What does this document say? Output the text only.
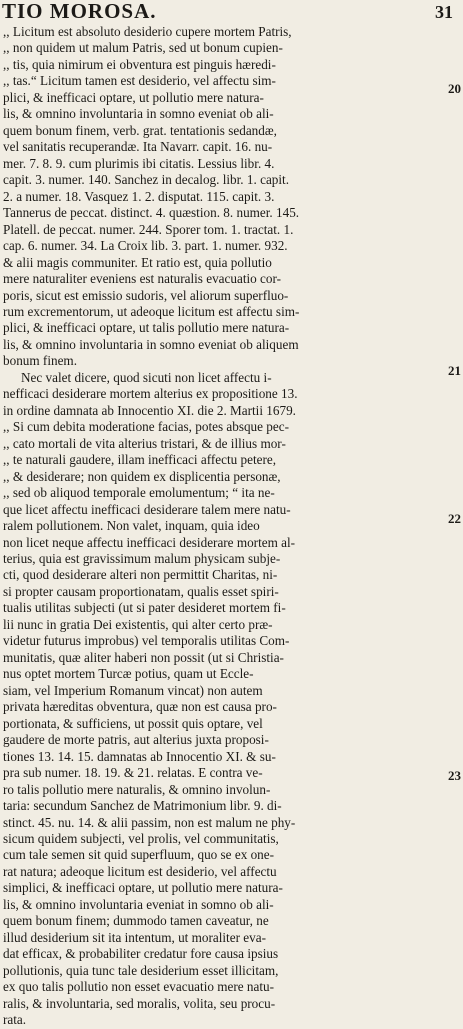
TIO MOROSA.	31
,, Licitum est absoluto desiderio cupere mortem Patris,
,, non quidem ut malum Patris, sed ut bonum cupien-
,, tis, quia nimirum ei obventura est pinguis hæredi-
,, tas.“ Licitum tamen est desiderio, vel affectu sim-
plici, & inefficaci optare, ut pollutio mere natura-
lis, & omnino involuntaria in somno eveniat ob ali-
quem bonum finem, verb. grat. tentationis sedandæ,
vel sanitatis recuperandæ. Ita Navarr. capit. 16. nu-
mer. 7. 8. 9. cum plurimis ibi citatis. Lessius libr. 4.
capit. 3. numer. 140. Sanchez in decalog. libr. 1. capit.
2. a numer. 18. Vasquez 1. 2. disputat. 115. capit. 3.
Tannerus de peccat. distinct. 4. quæstion. 8. numer. 145.
Platell. de peccat. numer. 244. Sporer tom. 1. tractat. 1.
cap. 6. numer. 34. La Croix lib. 3. part. 1. numer. 932.
& alii magis communiter. Et ratio est, quia pollutio
mere naturaliter eveniens est naturalis evacuatio cor-
poris, sicut est emissio sudoris, vel aliorum superfluo-
rum excrementorum, ut adeoque licitum est affectu sim-
plici, & inefficaci optare, ut talis pollutio mere natura-
lis, & omnino involuntaria in somno eveniat ob aliquem
bonum finem.
Nec valet dicere, quod sicuti non licet affectu i-
nefficaci desiderare mortem alterius ex propositione 13.
in ordine damnata ab Innocentio XI. die 2. Martii 1679.
,, Si cum debita moderatione facias, potes absque pec-
,, cato mortali de vita alterius tristari, & de illius mor-
,, te naturali gaudere, illam inefficaci affectu petere,
,, & desiderare; non quidem ex displicentia personæ,
,, sed ob aliquod temporale emolumentum; “ ita ne-
que licet affectu inefficaci desiderare talem mere natu-
ralem pollutionem. Non valet, inquam, quia ideo
non licet neque affectu inefficaci desiderare mortem al-
terius, quia est gravissimum malum physicam subje-
cti, quod desiderare alteri non permittit Charitas, ni-
si propter causam proportionatam, qualis esset spiri-
tualis utilitas subjecti (ut si pater desideret mortem fi-
lii nunc in gratia Dei existentis, qui alter certo præ-
videtur futurus improbus) vel temporalis utilitas Com-
munitatis, quæ aliter haberi non possit (ut si Christia-
nus optet mortem Turcæ potius, quam ut Eccle-
siam, vel Imperium Romanum vincat) non autem
privata hæreditas obventura, quæ non est causa pro-
portionata, & sufficiens, ut possit quis optare, vel
gaudere de morte patris, aut alterius juxta proposi-
tiones 13. 14. 15. damnatas ab Innocentio XI. & su-
pra sub numer. 18. 19. & 21. relatas. E contra ve-
ro talis pollutio mere naturalis, & omnino involun-
taria: secundum Sanchez de Matrimonium libr. 9. di-
stinct. 45. nu. 14. & alii passim, non est malum ne phy-
sicum quidem subjecti, vel prolis, vel communitatis,
cum tale semen sit quid superfluum, quo se ex one-
rat natura; adeoque licitum est desiderio, vel affectu
simplici, & inefficaci optare, ut pollutio mere natura-
lis, & omnino involuntaria eveniat in somno ob ali-
quem bonum finem; dummodo tamen caveatur, ne
illud desiderium sit ita intentum, ut moraliter eva-
dat efficax, & probabiliter credatur fore causa ipsius
pollutionis, quia tunc tale desiderium esset illicitam,
ex quo talis pollutio non esset evacuatio mere natu-
ralis, & involuntaria, sed moralis, volita, seu procu-
rata.
20
21
22
23
